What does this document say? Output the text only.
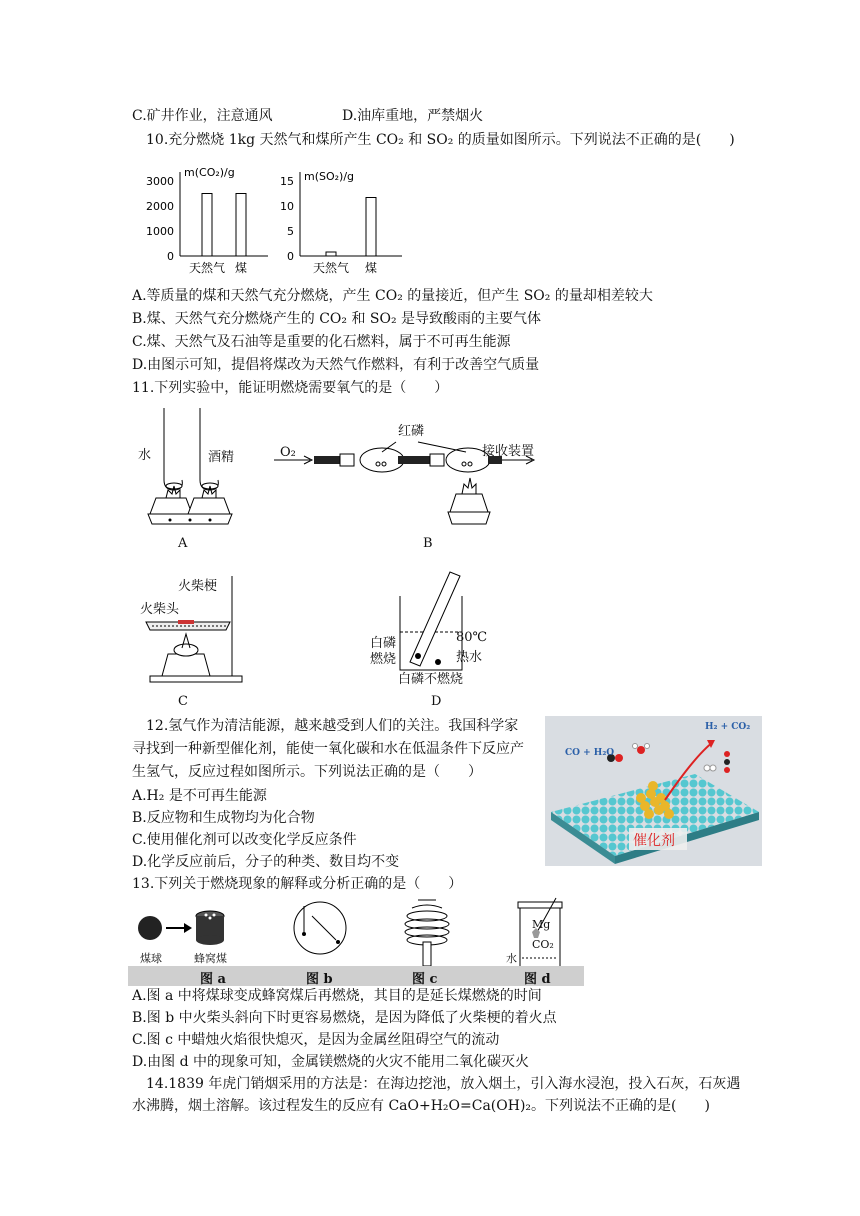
C.矿井作业，注意通风	D.油库重地，严禁烟火
10.充分燃烧 1kg 天然气和煤所产生 CO₂ 和 SO₂ 的质量如图所示。下列说法不正确的是(　　)
m(CO₂)/g
0
1000
2000
3000
天然气 煤
m(SO₂)/g
0
5
10
15
天然气 煤
A.等质量的煤和天然气充分燃烧，产生 CO₂ 的量接近，但产生 SO₂ 的量却相差较大
B.煤、天然气充分燃烧产生的 CO₂ 和 SO₂ 是导致酸雨的主要气体
C.煤、天然气及石油等是重要的化石燃料，属于不可再生能源
D.由图示可知，提倡将煤改为天然气作燃料，有利于改善空气质量
11.下列实验中，能证明燃烧需要氧气的是（　　）
水	酒精
A
O₂
红磷
接收装置
B
火柴梗
火柴头
C
80℃
热水
白磷燃烧
白磷不燃烧
D
12.氢气作为清洁能源，越来越受到人们的关注。我国科学家
寻找到一种新型催化剂，能使一氧化碳和水在低温条件下反应产
生氢气，反应过程如图所示。下列说法正确的是（　　）
A.H₂ 是不可再生能源
B.反应物和生成物均为化合物
C.使用催化剂可以改变化学反应条件
D.化学反应前后，分子的种类、数目均不变
CO + H₂O
H₂ + CO₂
催化剂
13.下列关于燃烧现象的解释或分析正确的是（　　）
煤球	蜂窝煤
Mg
CO₂
水
图 a	图 b	图 c	图 d
A.图 a 中将煤球变成蜂窝煤后再燃烧，其目的是延长煤燃烧的时间
B.图 b 中火柴头斜向下时更容易燃烧，是因为降低了火柴梗的着火点
C.图 c 中蜡烛火焰很快熄灭，是因为金属丝阻碍空气的流动
D.由图 d 中的现象可知，金属镁燃烧的火灾不能用二氧化碳灭火
14.1839 年虎门销烟采用的方法是：在海边挖池，放入烟土，引入海水浸泡，投入石灰，石灰遇
水沸腾，烟土溶解。该过程发生的反应有 CaO+H₂O=Ca(OH)₂。下列说法不正确的是(　　)
